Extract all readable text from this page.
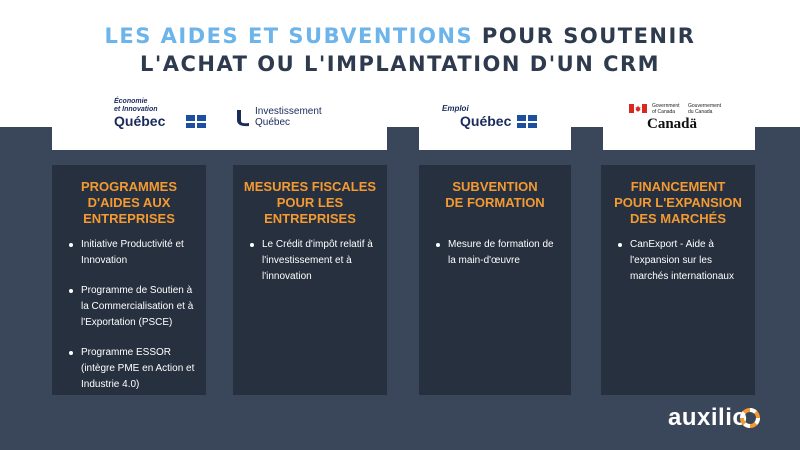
LES AIDES ET SUBVENTIONS POUR SOUTENIR
L'ACHAT OU L'IMPLANTATION D'UN CRM
Économie
et Innovation
Québec
Investissement
Québec
Emploi
Québec
Government
of Canada
Gouvernement
du Canada
Canadä
PROGRAMMES
D'AIDES AUX
ENTREPRISES
Initiative Productivité et Innovation
Programme de Soutien à la Commercialisation et à l'Exportation (PSCE)
Programme ESSOR (intègre PME en Action et Industrie 4.0)
MESURES FISCALES
POUR LES
ENTREPRISES
Le Crédit d'impôt relatif à l'investissement et à l'innovation
SUBVENTION
DE FORMATION
Mesure de formation de la main-d'œuvre
FINANCEMENT
POUR L'EXPANSION
DES MARCHÉS
CanExport - Aide à l'expansion sur les marchés internationaux
auxilio
